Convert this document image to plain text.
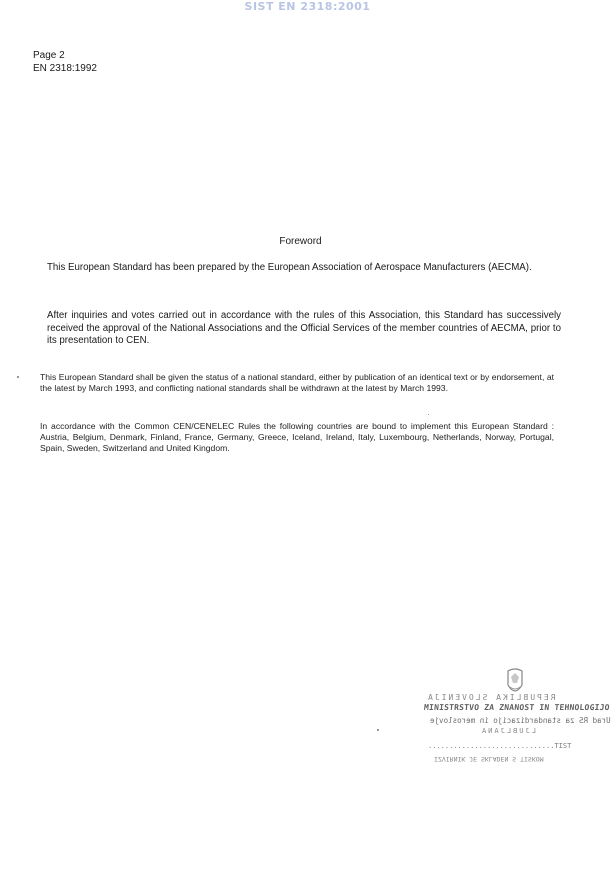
SIST EN 2318:2001
Page 2
EN 2318:1992
Foreword
This European Standard has been prepared by the European Association of Aerospace Manufacturers (AECMA).
After inquiries and votes carried out in accordance with the rules of this Association, this Standard has successively received the approval of the National Associations and the Official Services of the member countries of AECMA, prior to its presentation to CEN.
This European Standard shall be given the status of a national standard, either by publication of an identical text or by endorsement, at the latest by March 1993, and conflicting national standards shall be withdrawn at the latest by March 1993.
In accordance with the Common CEN/CENELEC Rules the following countries are bound to implement this European Standard : Austria, Belgium, Denmark, Finland, France, Germany, Greece, Iceland, Ireland, Italy, Luxembourg, Netherlands, Norway, Portugal, Spain, Sweden, Switzerland and United Kingdom.
REPUBLIKA SLOVENIJA
MINISTRSTVO ZA ZNANOST IN TEHNOLOGIJO
Urad RS za standardizacijo in meroslovje
LJUBLJANA
..............................TIST
IZVIRNIK JE SKLADEN S TISKOM
